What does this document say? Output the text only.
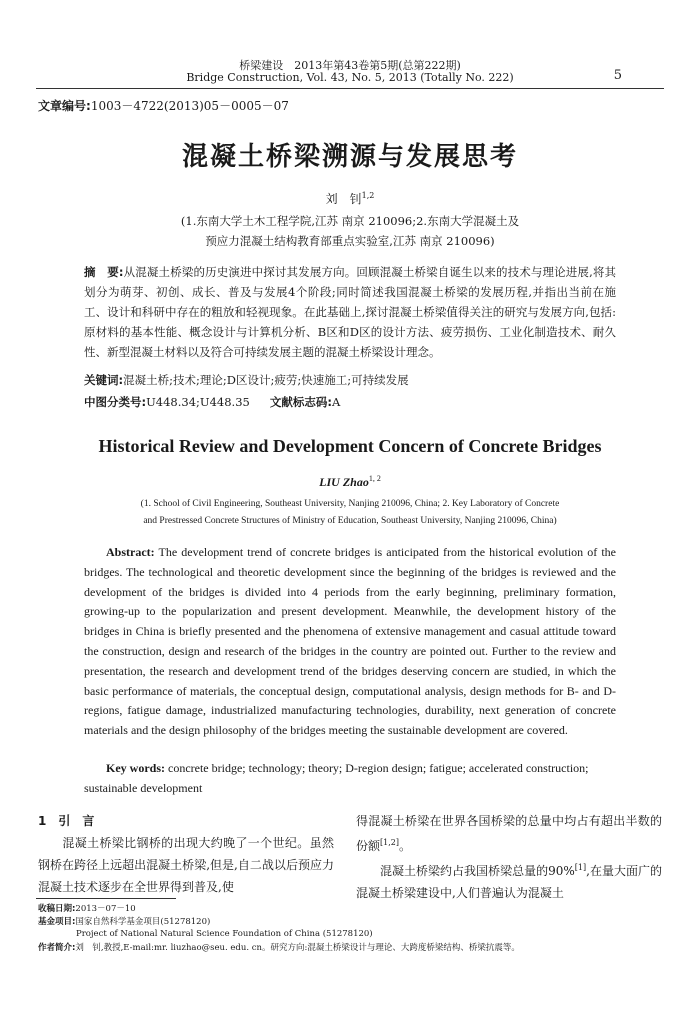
桥梁建设　2013年第43卷第5期(总第222期)
Bridge Construction, Vol. 43, No. 5, 2013 (Totally No. 222)	5
文章编号:1003－4722(2013)05－0005－07
混凝土桥梁溯源与发展思考
刘　钊$^{1,2}$
(1.东南大学土木工程学院,江苏 南京 210096;2.东南大学混凝土及
预应力混凝土结构教育部重点实验室,江苏 南京 210096)
摘　要:从混凝土桥梁的历史演进中探讨其发展方向。回顾混凝土桥梁自诞生以来的技术与理论进展,将其划分为萌芽、初创、成长、普及与发展4个阶段;同时简述我国混凝土桥梁的发展历程,并指出当前在施工、设计和科研中存在的粗放和轻视现象。在此基础上,探讨混凝土桥梁值得关注的研究与发展方向,包括:原材料的基本性能、概念设计与计算机分析、B区和D区的设计方法、疲劳损伤、工业化制造技术、耐久性、新型混凝土材料以及符合可持续发展主题的混凝土桥梁设计理念。
关键词:混凝土桥;技术;理论;D区设计;疲劳;快速施工;可持续发展
中图分类号:U448.34;U448.35 文献标志码:A
Historical Review and Development Concern of Concrete Bridges
LIU Zhao$^{1, 2}$
(1. School of Civil Engineering, Southeast University, Nanjing 210096, China; 2. Key Laboratory of Concrete
and Prestressed Concrete Structures of Ministry of Education, Southeast University, Nanjing 210096, China)
Abstract: The development trend of concrete bridges is anticipated from the historical evolution of the bridges. The technological and theoretic development since the beginning of the bridges is reviewed and the development of the bridges is divided into 4 periods from the early beginning, preliminary formation, growing-up to the popularization and present development. Meanwhile, the development history of the bridges in China is briefly presented and the phenomena of extensive management and casual attitude toward the construction, design and research of the bridges in the country are pointed out. Further to the review and presentation, the research and development trend of the bridges deserving concern are studied, in which the basic performance of materials, the conceptual design, computational analysis, design methods for B- and D-regions, fatigue damage, industrialized manufacturing technologies, durability, next generation of concrete materials and the design philosophy of the bridges meeting the sustainable development are covered.
Key words: concrete bridge; technology; theory; D-region design; fatigue; accelerated construction; sustainable development
1　引　言
混凝土桥梁比钢桥的出现大约晚了一个世纪。虽然钢桥在跨径上远超出混凝土桥梁,但是,自二战以后预应力混凝土技术逐步在全世界得到普及,使
得混凝土桥梁在世界各国桥梁的总量中均占有超出半数的份额[1,2]。
混凝土桥梁约占我国桥梁总量的90%[1],在量大面广的混凝土桥梁建设中,人们普遍认为混凝土
收稿日期:2013－07－10
基金项目:国家自然科学基金项目(51278120)
Project of National Natural Science Foundation of China (51278120)
作者简介:刘　钊,教授,E-mail:mr. liuzhao@seu. edu. cn。研究方向:混凝土桥梁设计与理论、大跨度桥梁结构、桥梁抗震等。
